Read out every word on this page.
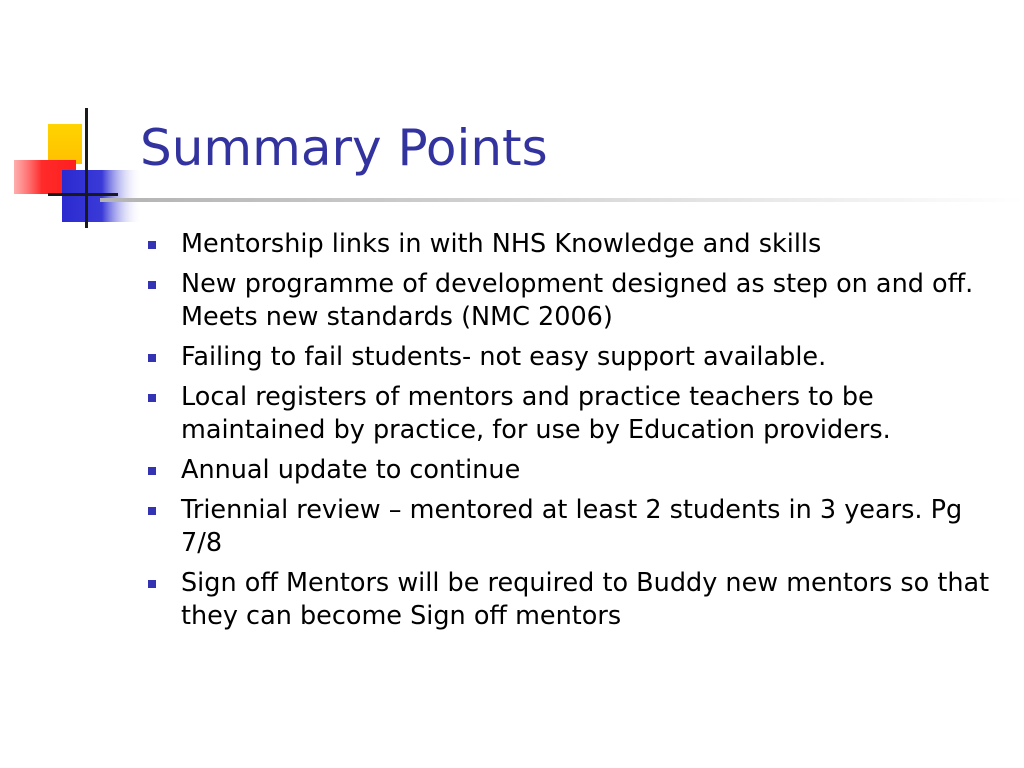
Summary Points
Mentorship links in with NHS Knowledge and skills
New programme of development designed as step on and off. Meets new standards (NMC 2006)
Failing to fail students- not easy support available.
Local registers of mentors and practice teachers to be maintained by practice, for use by Education providers.
Annual update to continue
Triennial review – mentored at least 2 students in 3 years. Pg 7/8
Sign off Mentors will be required to Buddy new mentors so that they can become Sign off mentors
